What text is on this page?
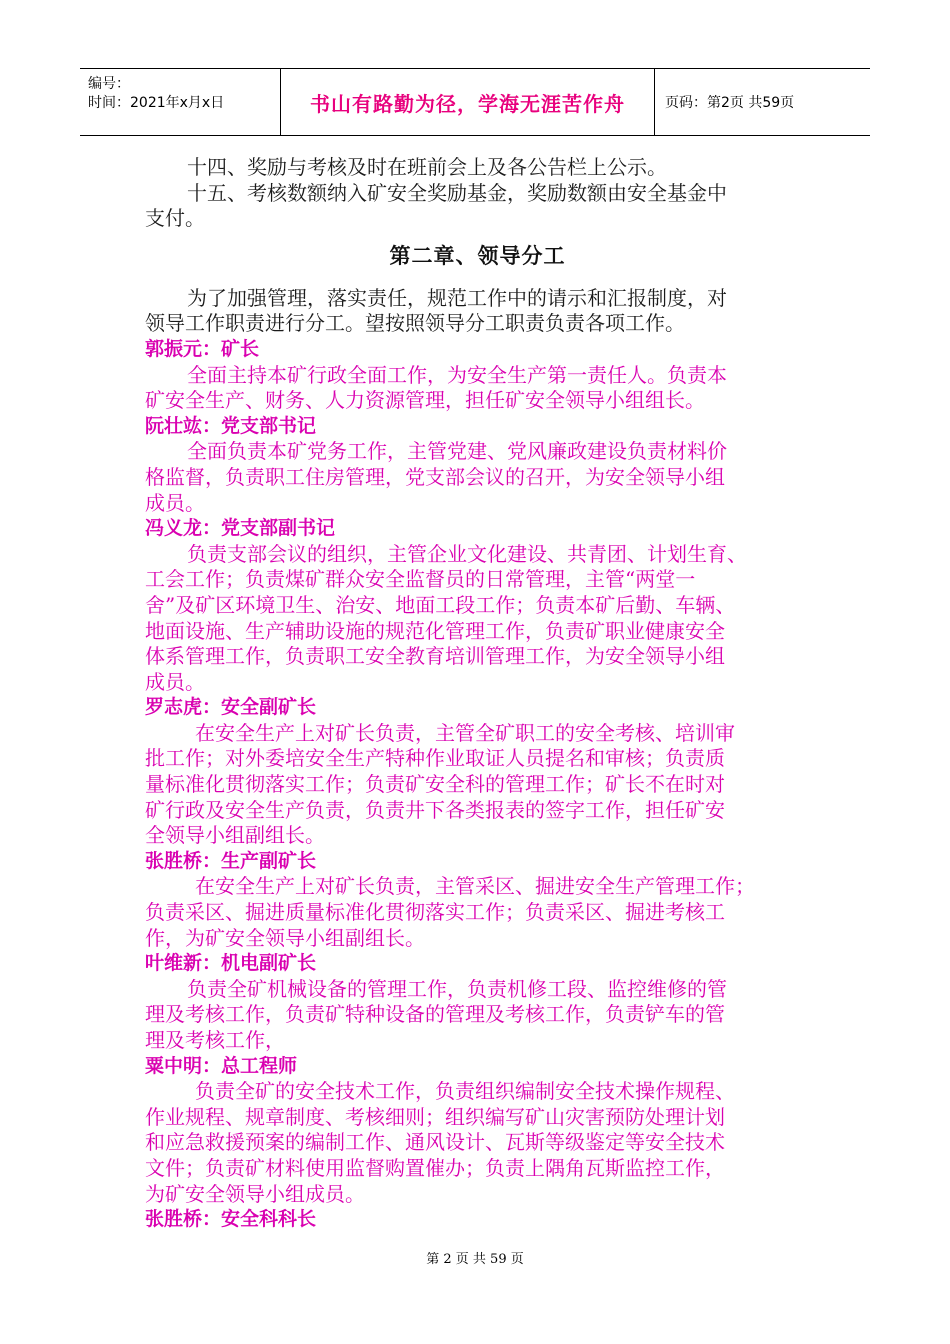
编号：
时间：2021年x月x日	书山有路勤为径，学海无涯苦作舟	页码：第2页 共59页
十四、奖励与考核及时在班前会上及各公告栏上公示。
十五、考核数额纳入矿安全奖励基金，奖励数额由安全基金中
支付。
第二章、领导分工
为了加强管理，落实责任，规范工作中的请示和汇报制度，对
领导工作职责进行分工。望按照领导分工职责负责各项工作。
郭振元：矿长
全面主持本矿行政全面工作，为安全生产第一责任人。负责本
矿安全生产、财务、人力资源管理，担任矿安全领导小组组长。
阮壮竑：党支部书记
全面负责本矿党务工作，主管党建、党风廉政建设负责材料价
格监督，负责职工住房管理，党支部会议的召开，为安全领导小组
成员。
冯义龙：党支部副书记
负责支部会议的组织，主管企业文化建设、共青团、计划生育、
工会工作；负责煤矿群众安全监督员的日常管理，主管“两堂一
舍”及矿区环境卫生、治安、地面工段工作；负责本矿后勤、车辆、
地面设施、生产辅助设施的规范化管理工作，负责矿职业健康安全
体系管理工作，负责职工安全教育培训管理工作，为安全领导小组
成员。
罗志虎：安全副矿长
在安全生产上对矿长负责，主管全矿职工的安全考核、培训审
批工作；对外委培安全生产特种作业取证人员提名和审核；负责质
量标准化贯彻落实工作；负责矿安全科的管理工作；矿长不在时对
矿行政及安全生产负责，负责井下各类报表的签字工作，担任矿安
全领导小组副组长。
张胜桥：生产副矿长
在安全生产上对矿长负责，主管采区、掘进安全生产管理工作；
负责采区、掘进质量标准化贯彻落实工作；负责采区、掘进考核工
作，为矿安全领导小组副组长。
叶维新：机电副矿长
负责全矿机械设备的管理工作，负责机修工段、监控维修的管
理及考核工作，负责矿特种设备的管理及考核工作，负责铲车的管
理及考核工作，
粟中明：总工程师
负责全矿的安全技术工作，负责组织编制安全技术操作规程、
作业规程、规章制度、考核细则；组织编写矿山灾害预防处理计划
和应急救援预案的编制工作、通风设计、瓦斯等级鉴定等安全技术
文件；负责矿材料使用监督购置催办；负责上隅角瓦斯监控工作，
为矿安全领导小组成员。
张胜桥：安全科科长
第 2 页 共 59 页
